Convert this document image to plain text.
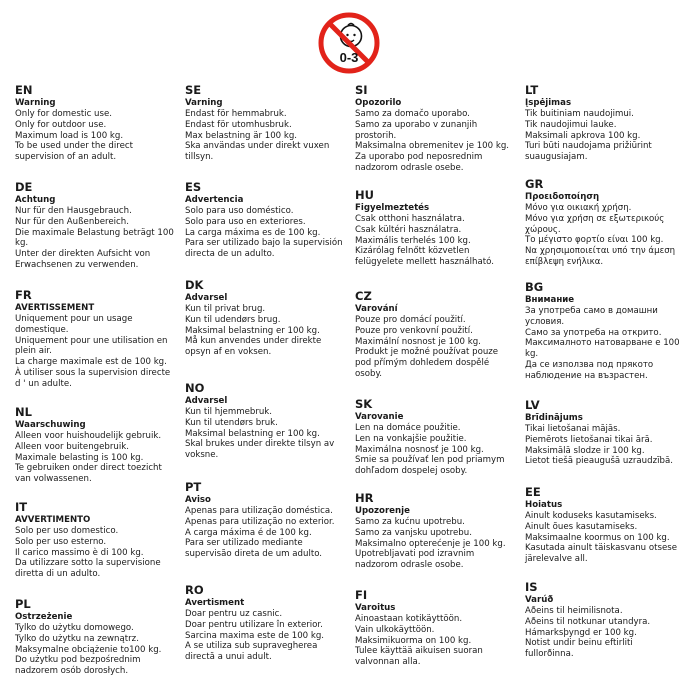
0-3
EN
Warning
Only for domestic use.
Only for outdoor use.
Maximum load is 100 kg.
To be used under the direct
supervision of an adult.
DE
Achtung
Nur für den Hausgebrauch.
Nur für den Außenbereich.
Die maximale Belastung beträgt 100
kg.
Unter der direkten Aufsicht von
Erwachsenen zu verwenden.
FR
AVERTISSEMENT
Uniquement pour un usage
domestique.
Uniquement pour une utilisation en
plein air.
La charge maximale est de 100 kg.
À utiliser sous la supervision directe
d ' un adulte.
NL
Waarschuwing
Alleen voor huishoudelijk gebruik.
Alleen voor buitengebruik.
Maximale belasting is 100 kg.
Te gebruiken onder direct toezicht
van volwassenen.
IT
AVVERTIMENTO
Solo per uso domestico.
Solo per uso esterno.
Il carico massimo è di 100 kg.
Da utilizzare sotto la supervisione
diretta di un adulto.
PL
Ostrzeżenie
Tylko do użytku domowego.
Tylko do użytku na zewnątrz.
Maksymalne obciążenie to100 kg.
Do użytku pod bezpośrednim
nadzorem osób dorosłych.
SE
Varning
Endast för hemmabruk.
Endast för utomhusbruk.
Max belastning är 100 kg.
Ska användas under direkt vuxen
tillsyn.
ES
Advertencia
Solo para uso doméstico.
Solo para uso en exteriores.
La carga máxima es de 100 kg.
Para ser utilizado bajo la supervisión
directa de un adulto.
DK
Advarsel
Kun til privat brug.
Kun til udendørs brug.
Maksimal belastning er 100 kg.
Må kun anvendes under direkte
opsyn af en voksen.
NO
Advarsel
Kun til hjemmebruk.
Kun til utendørs bruk.
Maksimal belastning er 100 kg.
Skal brukes under direkte tilsyn av
voksne.
PT
Aviso
Apenas para utilização doméstica.
Apenas para utilização no exterior.
A carga máxima é de 100 kg.
Para ser utilizado mediante
supervisão direta de um adulto.
RO
Avertisment
Doar pentru uz casnic.
Doar pentru utilizare în exterior.
Sarcina maxima este de 100 kg.
A se utiliza sub supravegherea
directă a unui adult.
SI
Opozorilo
Samo za domačo uporabo.
Samo za uporabo v zunanjih
prostorih.
Maksimalna obremenitev je 100 kg.
Za uporabo pod neposrednim
nadzorom odrasle osebe.
HU
Figyelmeztetés
Csak otthoni használatra.
Csak kültéri használatra.
Maximális terhelés 100 kg.
Kizárólag felnőtt közvetlen
felügyelete mellett használható.
CZ
Varování
Pouze pro domácí použití.
Pouze pro venkovní použití.
Maximální nosnost je 100 kg.
Produkt je možné používat pouze
pod přímým dohledem dospělé
osoby.
SK
Varovanie
Len na domáce použitie.
Len na vonkajšie použitie.
Maximálna nosnosť je 100 kg.
Smie sa používať len pod priamym
dohľadom dospelej osoby.
HR
Upozorenje
Samo za kućnu upotrebu.
Samo za vanjsku upotrebu.
Maksimalno opterećenje je 100 kg.
Upotrebljavati pod izravnim
nadzorom odrasle osobe.
FI
Varoitus
Ainoastaan kotikäyttöön.
Vain ulkokäyttöön.
Maksimikuorma on 100 kg.
Tulee käyttää aikuisen suoran
valvonnan alla.
LT
Įspėjimas
Tik buitiniam naudojimui.
Tik naudojimui lauke.
Maksimali apkrova 100 kg.
Turi būti naudojama prižiūrint
suaugusiajam.
GR
Προειδοποίηση
Μόνο για οικιακή χρήση.
Μόνο για χρήση σε εξωτερικούς
χώρους.
Το μέγιστο φορτίο είναι 100 kg.
Να χρησιμοποιείται υπό την άμεση
επίβλεψη ενήλικα.
BG
Внимание
За употреба само в домашни
условия.
Само за употреба на открито.
Максималното натоварване е 100
kg.
Да се използва под прякото
наблюдение на възрастен.
LV
Brīdinājums
Tikai lietošanai mājās.
Piemērots lietošanai tikai ārā.
Maksimālā slodze ir 100 kg.
Lietot tiešā pieaugušā uzraudzībā.
EE
Hoiatus
Ainult koduseks kasutamiseks.
Ainult õues kasutamiseks.
Maksimaalne koormus on 100 kg.
Kasutada ainult täiskasvanu otsese
järelevalve all.
IS
Varúð
Aðeins til heimilisnota.
Aðeins til notkunar utandyra.
Hámarksþyngd er 100 kg.
Notist undir beinu eftirliti
fullorðinna.
